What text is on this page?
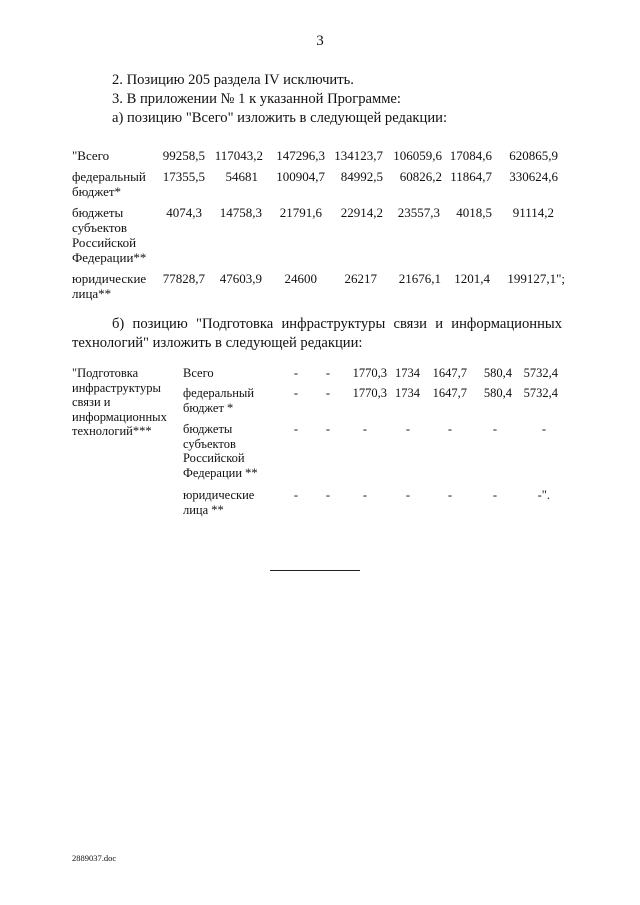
3
2. Позицию 205 раздела IV исключить.
3. В приложении № 1 к указанной Программе:
а) позицию "Всего" изложить в следующей редакции:
"Всего	99258,5 117043,2	147296,3 134123,7 106059,6 17084,6	620865,9
федеральный
бюджет*
17355,5	54681	100904,7	84992,5	60826,2 11864,7	330624,6
бюджеты
субъектов
Российской
Федерации**
4074,3	14758,3	21791,6	22914,2	23557,3	4018,5	91114,2
юридические
лица**
77828,7	47603,9	24600	26217	21676,1	1201,4	199127,1";
б) позицию "Подготовка инфраструктуры связи и информационных технологий" изложить в следующей редакции:
"Подготовка
инфраструктуры
связи и
информационных
технологий***
Всего	-	-	1770,3 1734	1647,7	580,4 5732,4
федеральный
бюджет *
-	-	1770,3 1734	1647,7	580,4 5732,4
бюджеты
субъектов
Российской
Федерации **
-	-	-	-	-	-	-
юридические
лица **
-	-	-	-	-	-	-".
2889037.doc
